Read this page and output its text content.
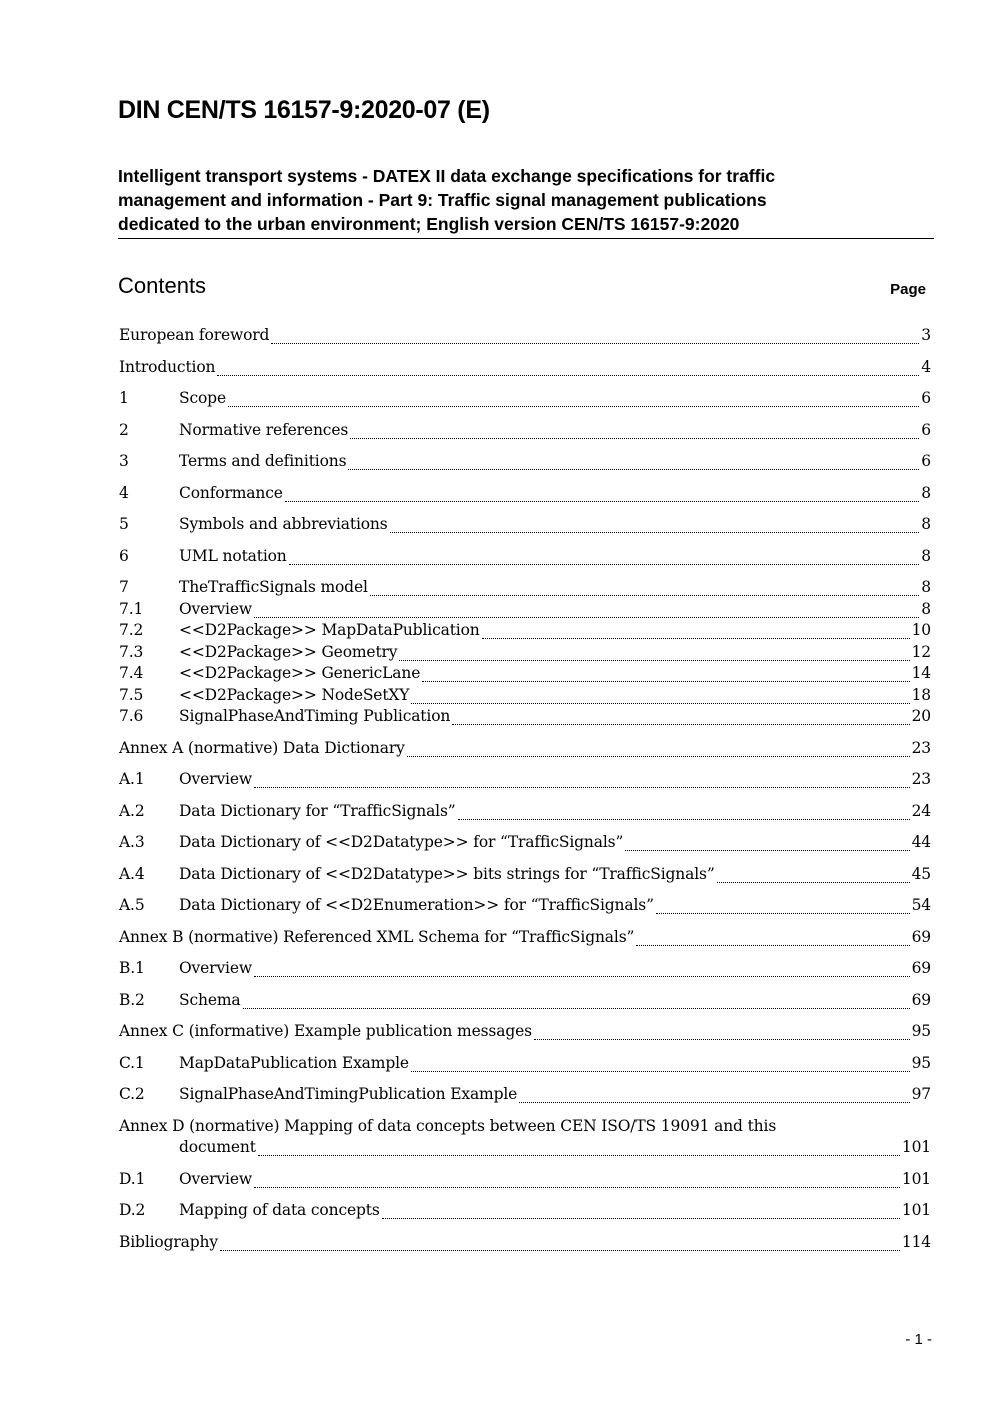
DIN CEN/TS 16157-9:2020-07 (E)
Intelligent transport systems - DATEX II data exchange specifications for traffic
management and information - Part 9: Traffic signal management publications
dedicated to the urban environment; English version CEN/TS 16157-9:2020
Contents	Page
European foreword	3
Introduction	4
1	Scope	6
2	Normative references	6
3	Terms and definitions	6
4	Conformance	8
5	Symbols and abbreviations	8
6	UML notation	8
7	TheTrafficSignals model	8
7.1	Overview	8
7.2	<<D2Package>> MapDataPublication	10
7.3	<<D2Package>> Geometry	12
7.4	<<D2Package>> GenericLane	14
7.5	<<D2Package>> NodeSetXY	18
7.6	SignalPhaseAndTiming Publication	20
Annex A (normative) Data Dictionary	23
A.1	Overview	23
A.2	Data Dictionary for “TrafficSignals”	24
A.3	Data Dictionary of <<D2Datatype>> for “TrafficSignals”	44
A.4	Data Dictionary of <<D2Datatype>> bits strings for “TrafficSignals”	45
A.5	Data Dictionary of <<D2Enumeration>> for “TrafficSignals”	54
Annex B (normative) Referenced XML Schema for “TrafficSignals”	69
B.1	Overview	69
B.2	Schema	69
Annex C (informative) Example publication messages	95
C.1	MapDataPublication Example	95
C.2	SignalPhaseAndTimingPublication Example	97
Annex D (normative) Mapping of data concepts between CEN ISO/TS 19091 and this
document	101
D.1	Overview	101
D.2	Mapping of data concepts	101
Bibliography	114
- 1 -
